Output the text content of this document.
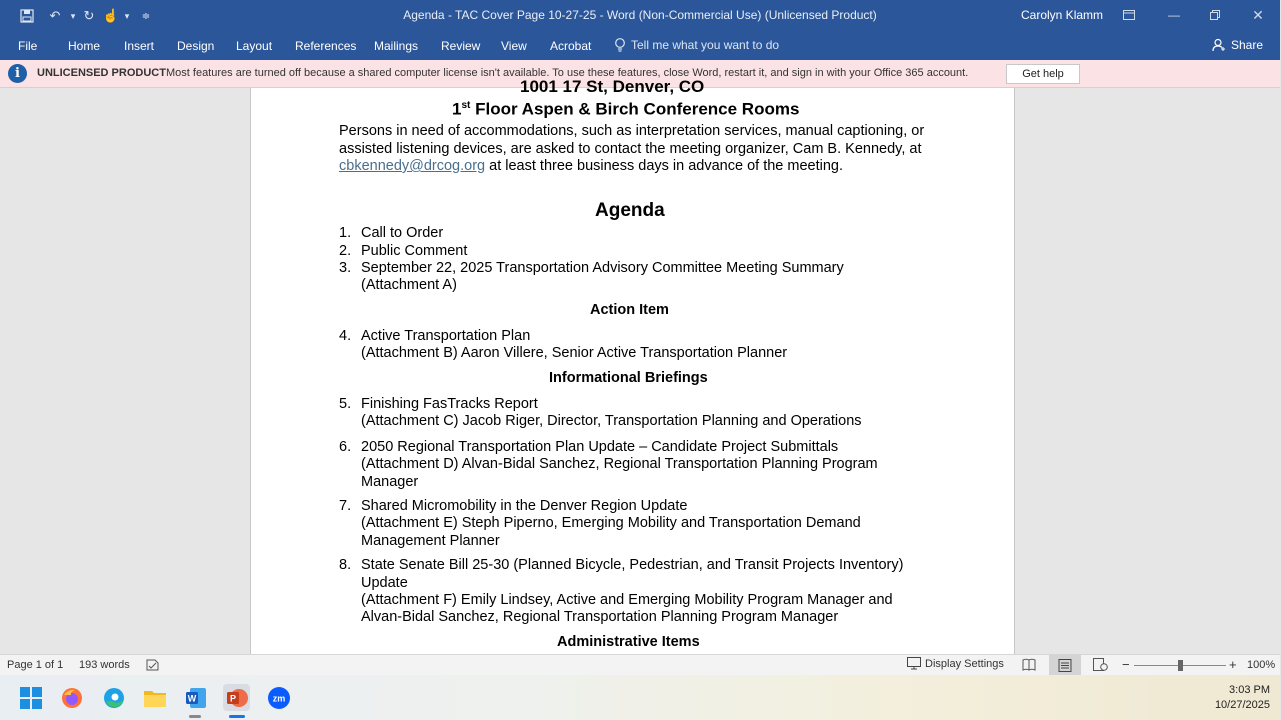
↶	▾ ↻ ☝ ▾	≑	Agenda - TAC Cover Page 10-27-25 - Word (Non-Commercial Use) (Unlicensed Product)	Carolyn Klamm	—	✕
File	Home Insert Design Layout References Mailings Review View Acrobat	Tell me what you want to do	Share
i	UNLICENSED PRODUCT Most features are turned off because a shared computer license isn't available. To use these features, close Word, restart it, and sign in with your Office 365 account.	Get help
1001 17 St, Denver, CO
1st Floor Aspen & Birch Conference Rooms
Persons in need of accommodations, such as interpretation services, manual captioning, or assisted listening devices, are asked to contact the meeting organizer, Cam B. Kennedy, at cbkennedy@drcog.org at least three business days in advance of the meeting.
Agenda
1. Call to Order
2. Public Comment
3. September 22, 2025 Transportation Advisory Committee Meeting Summary
(Attachment A)
Action Item
4. Active Transportation Plan
(Attachment B) Aaron Villere, Senior Active Transportation Planner
Informational Briefings
5. Finishing FasTracks Report
(Attachment C) Jacob Riger, Director, Transportation Planning and Operations
6. 2050 Regional Transportation Plan Update – Candidate Project Submittals
(Attachment D) Alvan-Bidal Sanchez, Regional Transportation Planning Program
Manager
7. Shared Micromobility in the Denver Region Update
(Attachment E) Steph Piperno, Emerging Mobility and Transportation Demand
Management Planner
8. State Senate Bill 25-30 (Planned Bicycle, Pedestrian, and Transit Projects Inventory)
Update
(Attachment F) Emily Lindsey, Active and Emerging Mobility Program Manager and
Alvan-Bidal Sanchez, Regional Transportation Planning Program Manager
Administrative Items
Page 1 of 1 193 words	Display Settings	−	+ 100%
W	P	zm
3:03 PM
10/27/2025
